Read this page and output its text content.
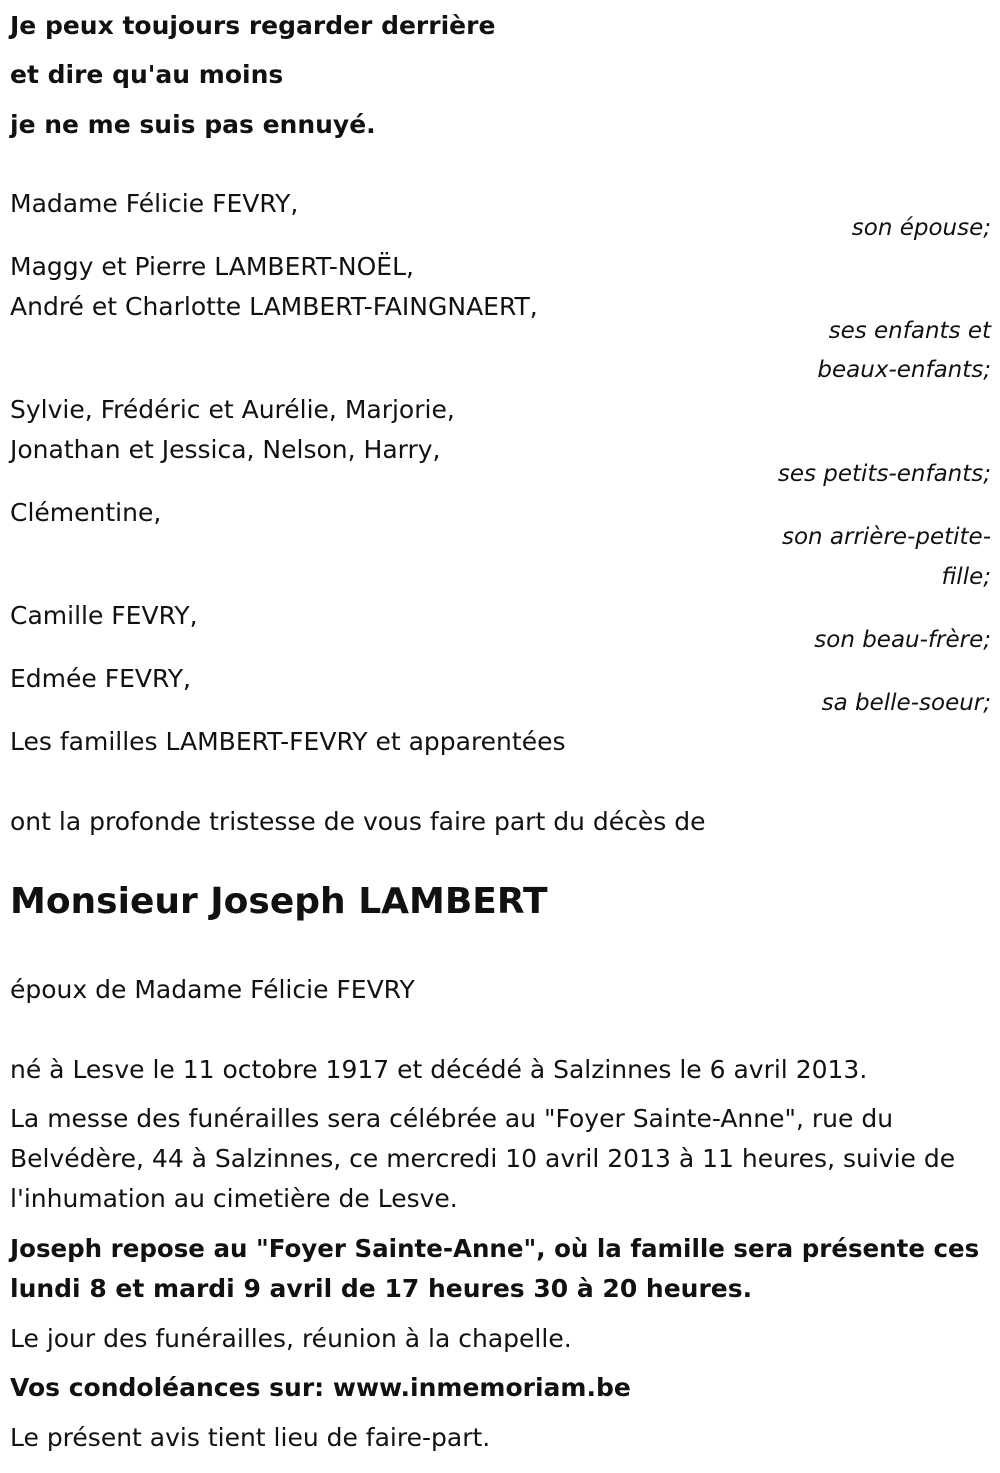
Je peux toujours regarder derrière
et dire qu'au moins
je ne me suis pas ennuyé.
Madame Félicie FEVRY,
son épouse;
Maggy et Pierre LAMBERT-NOËL,
André et Charlotte LAMBERT-FAINGNAERT,
ses enfants et
beaux-enfants;
Sylvie, Frédéric et Aurélie, Marjorie,
Jonathan et Jessica, Nelson, Harry,
ses petits-enfants;
Clémentine,
son arrière-petite-
fille;
Camille FEVRY,
son beau-frère;
Edmée FEVRY,
sa belle-soeur;
Les familles LAMBERT-FEVRY et apparentées
ont la profonde tristesse de vous faire part du décès de
Monsieur Joseph LAMBERT
époux de Madame Félicie FEVRY
né à Lesve le 11 octobre 1917 et décédé à Salzinnes le 6 avril 2013.
La messe des funérailles sera célébrée au "Foyer Sainte-Anne", rue du
Belvédère, 44 à Salzinnes, ce mercredi 10 avril 2013 à 11 heures, suivie de
l'inhumation au cimetière de Lesve.
Joseph repose au "Foyer Sainte-Anne", où la famille sera présente ces
lundi 8 et mardi 9 avril de 17 heures 30 à 20 heures.
Le jour des funérailles, réunion à la chapelle.
Vos condoléances sur: www.inmemoriam.be
Le présent avis tient lieu de faire-part.
